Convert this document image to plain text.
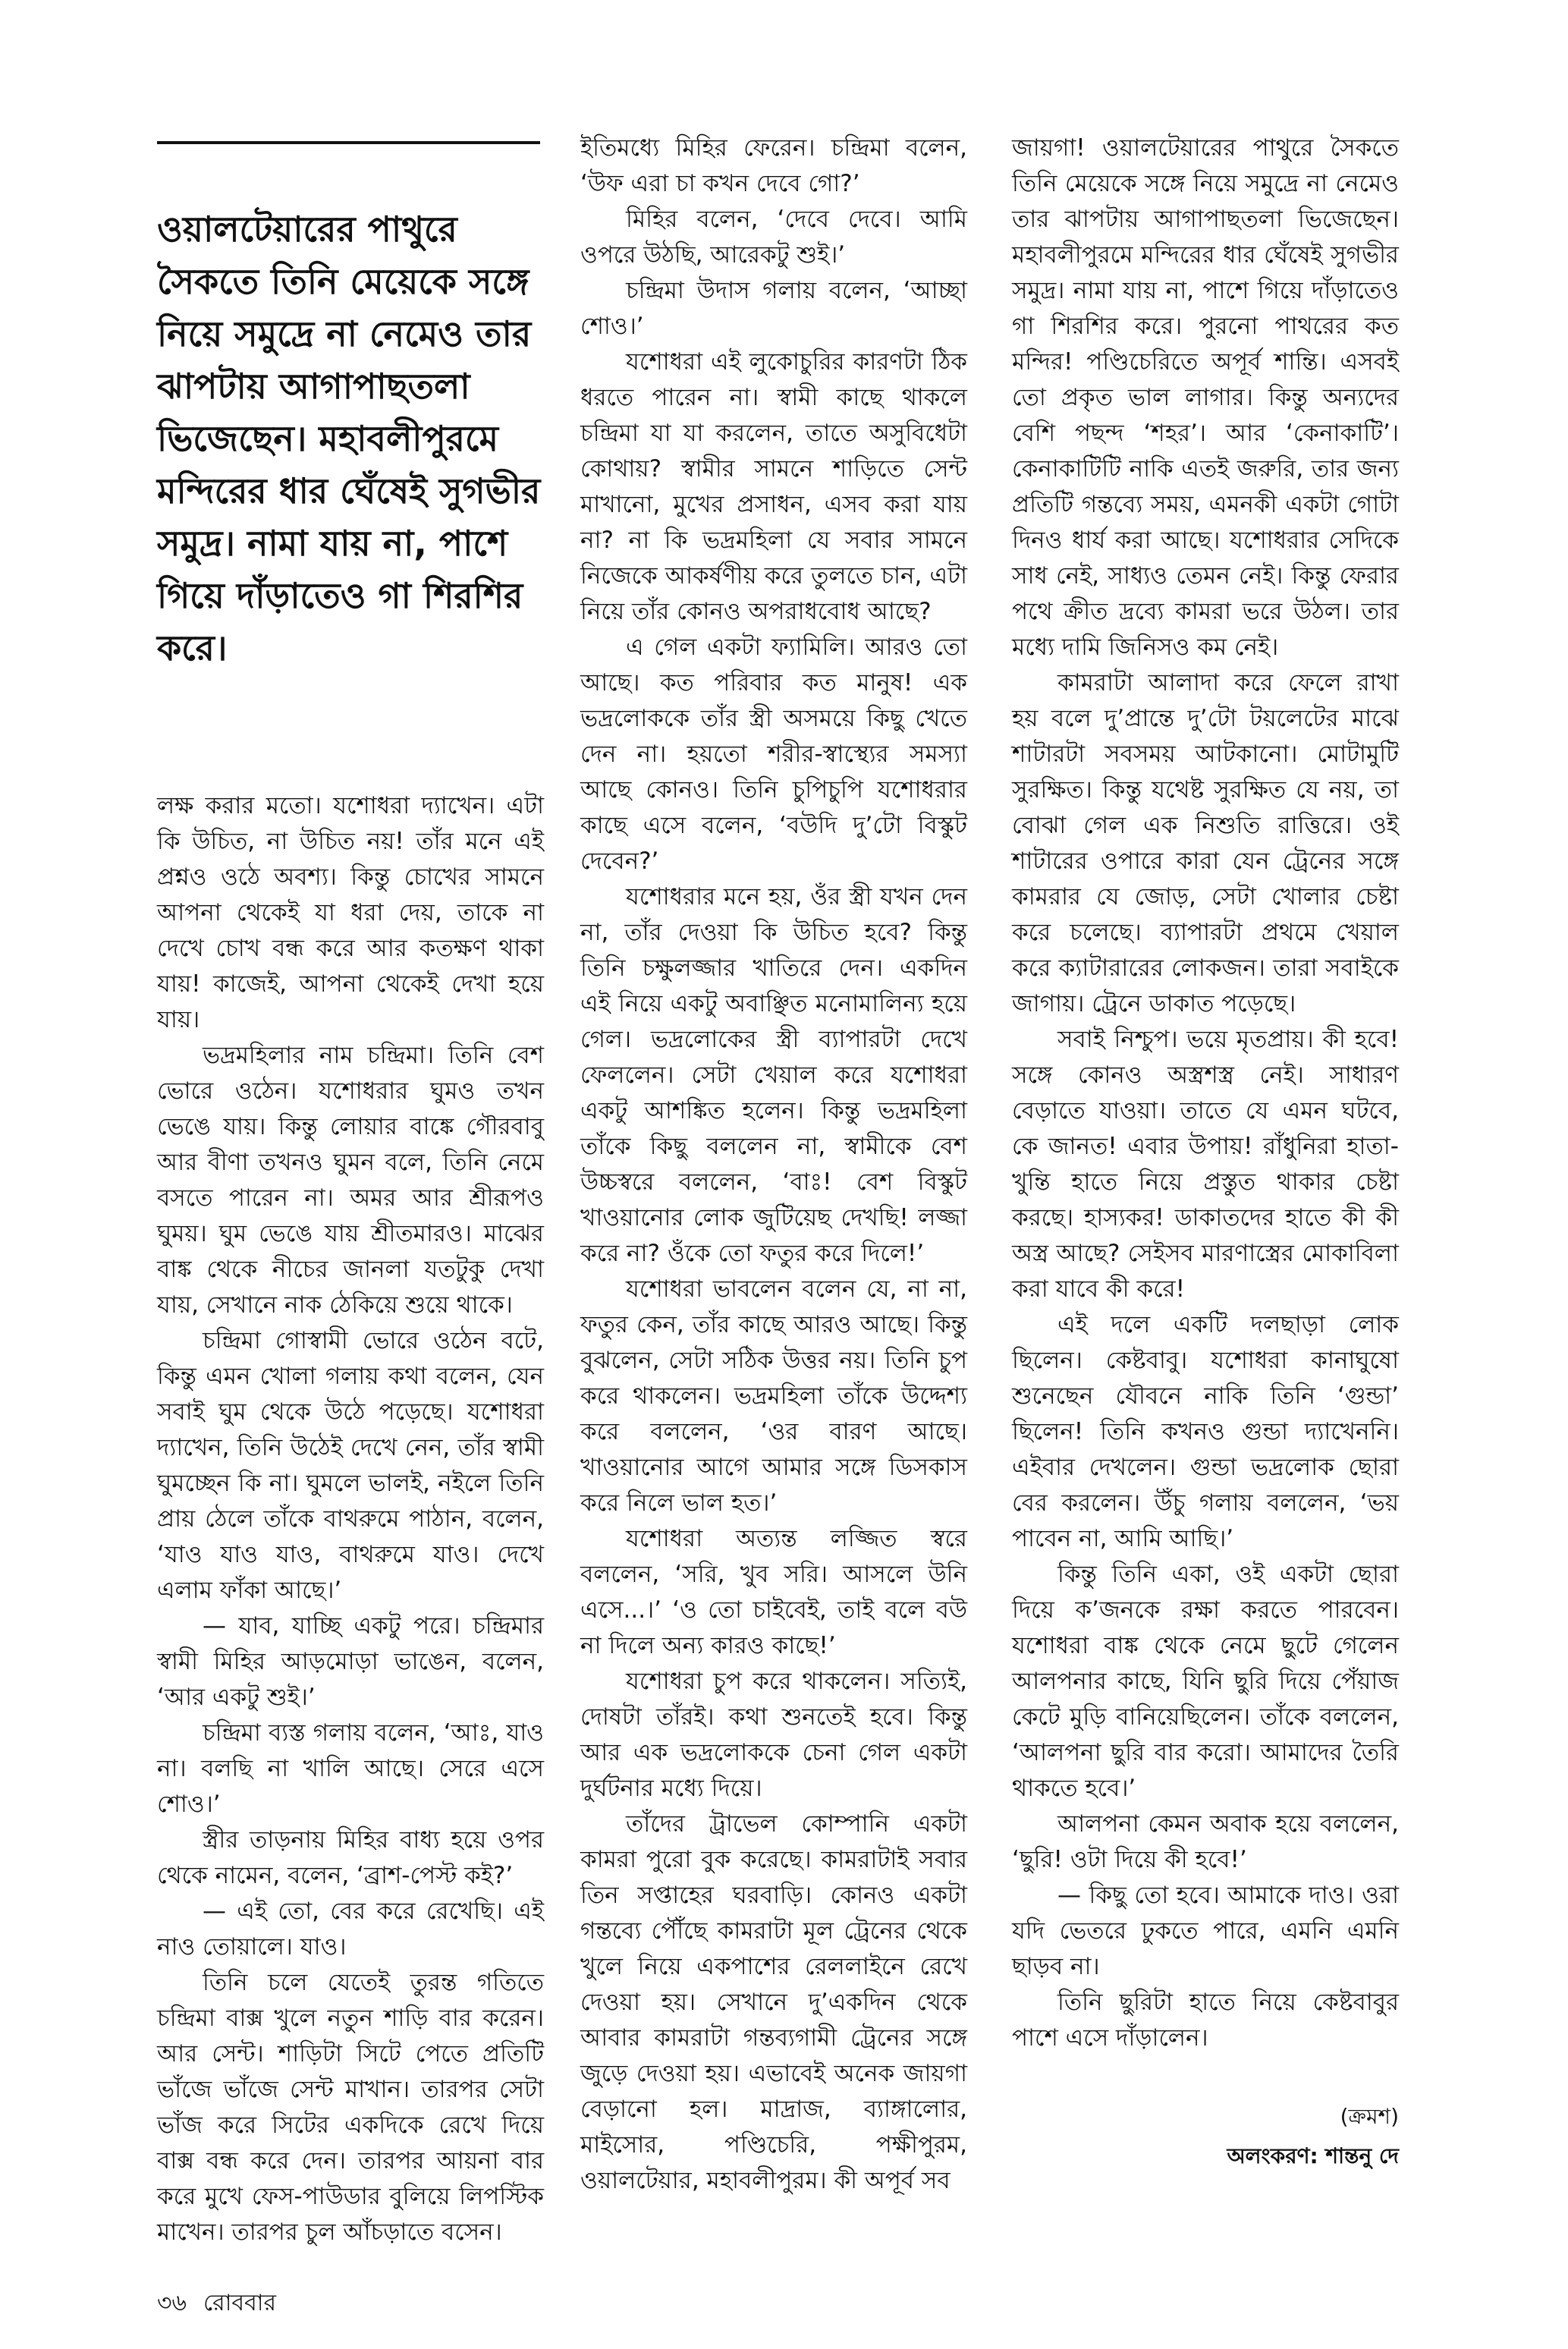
ওয়ালটেয়ারের পাথুরে সৈকতে তিনি মেয়েকে সঙ্গে নিয়ে সমুদ্রে না নেমেও তার ঝাপটায় আগাপাছতলা ভিজেছেন। মহাবলীপুরমে মন্দিরের ধার ঘেঁষেই সুগভীর সমুদ্র। নামা যায় না, পাশে গিয়ে দাঁড়াতেও গা শিরশির করে।

লক্ষ করার মতো। যশোধরা দ্যাখেন। এটা কি উচিত, না উচিত নয়! তাঁর মনে এই প্রশ্নও ওঠে অবশ্য। কিন্তু চোখের সামনে আপনা থেকেই যা ধরা দেয়, তাকে না দেখে চোখ বন্ধ করে আর কতক্ষণ থাকা যায়! কাজেই, আপনা থেকেই দেখা হয়ে যায়।

ভদ্রমহিলার নাম চন্দ্রিমা। তিনি বেশ ভোরে ওঠেন। যশোধরার ঘুমও তখন ভেঙে যায়। কিন্তু লোয়ার বাঙ্কে গৌরবাবু আর বীণা তখনও ঘুমন বলে, তিনি নেমে বসতে পারেন না। অমর আর শ্রীরূপও ঘুময়। ঘুম ভেঙে যায় শ্রীতমারও। মাঝের বাঙ্ক থেকে নীচের জানলা যতটুকু দেখা যায়, সেখানে নাক ঠেকিয়ে শুয়ে থাকে।

চন্দ্রিমা গোস্বামী ভোরে ওঠেন বটে, কিন্তু এমন খোলা গলায় কথা বলেন, যেন সবাই ঘুম থেকে উঠে পড়েছে। যশোধরা দ্যাখেন, তিনি উঠেই দেখে নেন, তাঁর স্বামী ঘুমচ্ছেন কি না। ঘুমলে ভালই, নইলে তিনি প্রায় ঠেলে তাঁকে বাথরুমে পাঠান, বলেন, ‘যাও যাও যাও, বাথরুমে যাও। দেখে এলাম ফাঁকা আছে।’

— যাব, যাচ্ছি একটু পরে। চন্দ্রিমার স্বামী মিহির আড়মোড়া ভাঙেন, বলেন, ‘আর একটু শুই।’

চন্দ্রিমা ব্যস্ত গলায় বলেন, ‘আঃ, যাও না। বলছি না খালি আছে। সেরে এসে শোও।’

স্ত্রীর তাড়নায় মিহির বাধ্য হয়ে ওপর থেকে নামেন, বলেন, ‘ব্রাশ-পেস্ট কই?’

— এই তো, বের করে রেখেছি। এই নাও তোয়ালে। যাও।

তিনি চলে যেতেই তুরন্ত গতিতে চন্দ্রিমা বাক্স খুলে নতুন শাড়ি বার করেন। আর সেন্ট। শাড়িটা সিটে পেতে প্রতিটি ভাঁজে ভাঁজে সেন্ট মাখান। তারপর সেটা ভাঁজ করে সিটের একদিকে রেখে দিয়ে বাক্স বন্ধ করে দেন। তারপর আয়না বার করে মুখে ফেস-পাউডার বুলিয়ে লিপস্টিক মাখেন। তারপর চুল আঁচড়াতে বসেন।

৩৬ রোববার

ইতিমধ্যে মিহির ফেরেন। চন্দ্রিমা বলেন, ‘উফ এরা চা কখন দেবে গো?’

মিহির বলেন, ‘দেবে দেবে। আমি ওপরে উঠছি, আরেকটু শুই।’

চন্দ্রিমা উদাস গলায় বলেন, ‘আচ্ছা শোও।’

যশোধরা এই লুকোচুরির কারণটা ঠিক ধরতে পারেন না। স্বামী কাছে থাকলে চন্দ্রিমা যা যা করলেন, তাতে অসুবিধেটা কোথায়? স্বামীর সামনে শাড়িতে সেন্ট মাখানো, মুখের প্রসাধন, এসব করা যায় না? না কি ভদ্রমহিলা যে সবার সামনে নিজেকে আকর্ষণীয় করে তুলতে চান, এটা নিয়ে তাঁর কোনও অপরাধবোধ আছে?

এ গেল একটা ফ্যামিলি। আরও তো আছে। কত পরিবার কত মানুষ! এক ভদ্রলোককে তাঁর স্ত্রী অসময়ে কিছু খেতে দেন না। হয়তো শরীর-স্বাস্থ্যের সমস্যা আছে কোনও। তিনি চুপিচুপি যশোধরার কাছে এসে বলেন, ‘বউদি দু’টো বিস্কুট দেবেন?’

যশোধরার মনে হয়, ওঁর স্ত্রী যখন দেন না, তাঁর দেওয়া কি উচিত হবে? কিন্তু তিনি চক্ষুলজ্জার খাতিরে দেন। একদিন এই নিয়ে একটু অবাঞ্ছিত মনোমালিন্য হয়ে গেল। ভদ্রলোকের স্ত্রী ব্যাপারটা দেখে ফেললেন। সেটা খেয়াল করে যশোধরা একটু আশঙ্কিত হলেন। কিন্তু ভদ্রমহিলা তাঁকে কিছু বললেন না, স্বামীকে বেশ উচ্চস্বরে বললেন, ‘বাঃ! বেশ বিস্কুট খাওয়ানোর লোক জুটিয়েছ দেখছি! লজ্জা করে না? ওঁকে তো ফতুর করে দিলে!’

যশোধরা ভাবলেন বলেন যে, না না, ফতুর কেন, তাঁর কাছে আরও আছে। কিন্তু বুঝলেন, সেটা সঠিক উত্তর নয়। তিনি চুপ করে থাকলেন। ভদ্রমহিলা তাঁকে উদ্দেশ্য করে বললেন, ‘ওর বারণ আছে। খাওয়ানোর আগে আমার সঙ্গে ডিসকাস করে নিলে ভাল হত।’

যশোধরা অত্যন্ত লজ্জিত স্বরে বললেন, ‘সরি, খুব সরি। আসলে উনি এসে...।’ ‘ও তো চাইবেই, তাই বলে বউ না দিলে অন্য কারও কাছে!’

যশোধরা চুপ করে থাকলেন। সত্যিই, দোষটা তাঁরই। কথা শুনতেই হবে। কিন্তু আর এক ভদ্রলোককে চেনা গেল একটা দুর্ঘটনার মধ্যে দিয়ে।

তাঁদের ট্রাভেল কোম্পানি একটা কামরা পুরো বুক করেছে। কামরাটাই সবার তিন সপ্তাহের ঘরবাড়ি। কোনও একটা গন্তব্যে পৌঁছে কামরাটা মূল ট্রেনের থেকে খুলে নিয়ে একপাশের রেললাইনে রেখে দেওয়া হয়। সেখানে দু’একদিন থেকে আবার কামরাটা গন্তব্যগামী ট্রেনের সঙ্গে জুড়ে দেওয়া হয়। এভাবেই অনেক জায়গা বেড়ানো হল। মাদ্রাজ, ব্যাঙ্গালোর, মাইসোর, পণ্ডিচেরি, পক্ষীপুরম, ওয়ালটেয়ার, মহাবলীপুরম। কী অপূর্ব সব

জায়গা! ওয়ালটেয়ারের পাথুরে সৈকতে তিনি মেয়েকে সঙ্গে নিয়ে সমুদ্রে না নেমেও তার ঝাপটায় আগাপাছতলা ভিজেছেন। মহাবলীপুরমে মন্দিরের ধার ঘেঁষেই সুগভীর সমুদ্র। নামা যায় না, পাশে গিয়ে দাঁড়াতেও গা শিরশির করে। পুরনো পাথরের কত মন্দির! পণ্ডিচেরিতে অপূর্ব শান্তি। এসবই তো প্রকৃত ভাল লাগার। কিন্তু অন্যদের বেশি পছন্দ ‘শহর’। আর ‘কেনাকাটি’। কেনাকাটিটি নাকি এতই জরুরি, তার জন্য প্রতিটি গন্তব্যে সময়, এমনকী একটা গোটা দিনও ধার্য করা আছে। যশোধরার সেদিকে সাধ নেই, সাধ্যও তেমন নেই। কিন্তু ফেরার পথে ক্রীত দ্রব্যে কামরা ভরে উঠল। তার মধ্যে দামি জিনিসও কম নেই।

কামরাটা আলাদা করে ফেলে রাখা হয় বলে দু’প্রান্তে দু’টো টয়লেটের মাঝে শাটারটা সবসময় আটকানো। মোটামুটি সুরক্ষিত। কিন্তু যথেষ্ট সুরক্ষিত যে নয়, তা বোঝা গেল এক নিশুতি রাত্তিরে। ওই শাটারের ওপারে কারা যেন ট্রেনের সঙ্গে কামরার যে জোড়, সেটা খোলার চেষ্টা করে চলেছে। ব্যাপারটা প্রথমে খেয়াল করে ক্যাটারারের লোকজন। তারা সবাইকে জাগায়। ট্রেনে ডাকাত পড়েছে।

সবাই নিশ্চুপ। ভয়ে মৃতপ্রায়। কী হবে! সঙ্গে কোনও অস্ত্রশস্ত্র নেই। সাধারণ বেড়াতে যাওয়া। তাতে যে এমন ঘটবে, কে জানত! এবার উপায়! রাঁধুনিরা হাতা-খুন্তি হাতে নিয়ে প্রস্তুত থাকার চেষ্টা করছে। হাস্যকর! ডাকাতদের হাতে কী কী অস্ত্র আছে? সেইসব মারণাস্ত্রের মোকাবিলা করা যাবে কী করে!

এই দলে একটি দলছাড়া লোক ছিলেন। কেষ্টবাবু। যশোধরা কানাঘুষো শুনেছেন যৌবনে নাকি তিনি ‘গুন্ডা’ ছিলেন! তিনি কখনও গুন্ডা দ্যাখেননি। এইবার দেখলেন। গুন্ডা ভদ্রলোক ছোরা বের করলেন। উঁচু গলায় বললেন, ‘ভয় পাবেন না, আমি আছি।’

কিন্তু তিনি একা, ওই একটা ছোরা দিয়ে ক’জনকে রক্ষা করতে পারবেন। যশোধরা বাঙ্ক থেকে নেমে ছুটে গেলেন আলপনার কাছে, যিনি ছুরি দিয়ে পেঁয়াজ কেটে মুড়ি বানিয়েছিলেন। তাঁকে বললেন, ‘আলপনা ছুরি বার করো। আমাদের তৈরি থাকতে হবে।’

আলপনা কেমন অবাক হয়ে বললেন, ‘ছুরি! ওটা দিয়ে কী হবে!’

— কিছু তো হবে। আমাকে দাও। ওরা যদি ভেতরে ঢুকতে পারে, এমনি এমনি ছাড়ব না।

তিনি ছুরিটা হাতে নিয়ে কেষ্টবাবুর পাশে এসে দাঁড়ালেন।

(ক্রমশ)
অলংকরণ: শান্তনু দে
